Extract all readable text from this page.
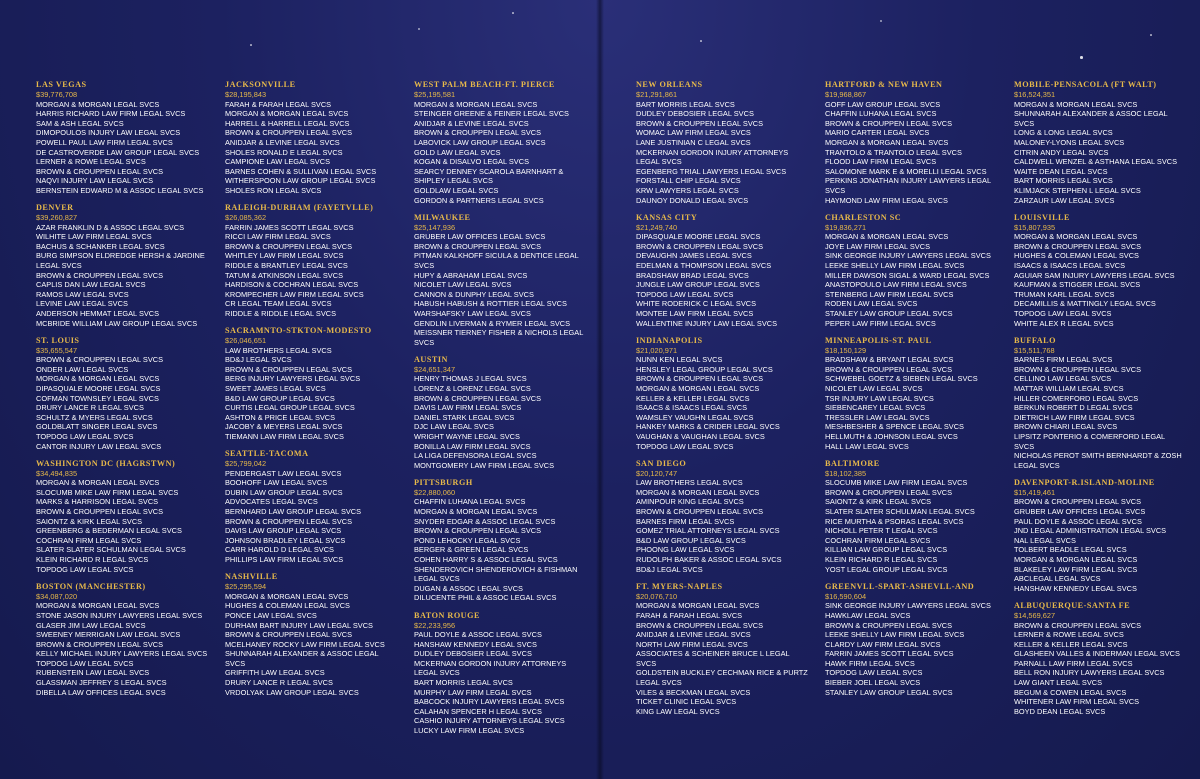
LAS VEGAS
$39,776,708
MORGAN & MORGAN LEGAL SVCS
HARRIS RICHARD LAW FIRM LEGAL SVCS
SAM & ASH LEGAL SVCS
DIMOPOULOS INJURY LAW LEGAL SVCS
POWELL PAUL LAW FIRM LEGAL SVCS
DE CASTROVERDE LAW GROUP LEGAL SVCS
LERNER & ROWE LEGAL SVCS
BROWN & CROUPPEN LEGAL SVCS
NAQVI INJURY LAW LEGAL SVCS
BERNSTEIN EDWARD M & ASSOC LEGAL SVCS
DENVER
$39,260,827
AZAR FRANKLIN D & ASSOC LEGAL SVCS
WILHITE LAW FIRM LEGAL SVCS
BACHUS & SCHANKER LEGAL SVCS
BURG SIMPSON ELDREDGE HERSH & JARDINE
LEGAL SVCS
BROWN & CROUPPEN LEGAL SVCS
CAPLIS DAN LAW LEGAL SVCS
RAMOS LAW LEGAL SVCS
LEVINE LAW LEGAL SVCS
ANDERSON HEMMAT LEGAL SVCS
MCBRIDE WILLIAM LAW GROUP LEGAL SVCS
ST. LOUIS
$35,655,547
BROWN & CROUPPEN LEGAL SVCS
ONDER LAW LEGAL SVCS
MORGAN & MORGAN LEGAL SVCS
DIPASQUALE MOORE LEGAL SVCS
COFMAN TOWNSLEY LEGAL SVCS
DRURY LANCE R LEGAL SVCS
SCHULTZ & MYERS LEGAL SVCS
GOLDBLATT SINGER LEGAL SVCS
TOPDOG LAW LEGAL SVCS
CANTOR INJURY LAW LEGAL SVCS
WASHINGTON DC (HAGRSTWN)
$34,494,835
MORGAN & MORGAN LEGAL SVCS
SLOCUMB MIKE LAW FIRM LEGAL SVCS
MARKS & HARRISON LEGAL SVCS
BROWN & CROUPPEN LEGAL SVCS
SAIONTZ & KIRK LEGAL SVCS
GREENBERG & BEDERMAN LEGAL SVCS
COCHRAN FIRM LEGAL SVCS
SLATER SLATER SCHULMAN LEGAL SVCS
KLEIN RICHARD R LEGAL SVCS
TOPDOG LAW LEGAL SVCS
BOSTON (MANCHESTER)
$34,087,020
MORGAN & MORGAN LEGAL SVCS
STONE JASON INJURY LAWYERS LEGAL SVCS
GLASER JIM LAW LEGAL SVCS
SWEENEY MERRIGAN LAW LEGAL SVCS
BROWN & CROUPPEN LEGAL SVCS
KELLY MICHAEL INJURY LAWYERS LEGAL SVCS
TOPDOG LAW LEGAL SVCS
RUBENSTEIN LAW LEGAL SVCS
GLASSMAN JEFFREY S LEGAL SVCS
DIBELLA LAW OFFICES LEGAL SVCS
JACKSONVILLE
$28,195,843
FARAH & FARAH LEGAL SVCS
MORGAN & MORGAN LEGAL SVCS
HARRELL & HARRELL LEGAL SVCS
BROWN & CROUPPEN LEGAL SVCS
ANIDJAR & LEVINE LEGAL SVCS
SHOLES RONALD E LEGAL SVCS
CAMPIONE LAW LEGAL SVCS
BARNES COHEN & SULLIVAN LEGAL SVCS
WITHERSPOON LAW GROUP LEGAL SVCS
SHOLES RON LEGAL SVCS
RALEIGH-DURHAM (FAYETVLLE)
$26,085,362
FARRIN JAMES SCOTT LEGAL SVCS
RICCI LAW FIRM LEGAL SVCS
BROWN & CROUPPEN LEGAL SVCS
WHITLEY LAW FIRM LEGAL SVCS
RIDDLE & BRANTLEY LEGAL SVCS
TATUM & ATKINSON LEGAL SVCS
HARDISON & COCHRAN LEGAL SVCS
KROMPECHER LAW FIRM LEGAL SVCS
CR LEGAL TEAM LEGAL SVCS
RIDDLE & RIDDLE LEGAL SVCS
SACRAMNTO-STKTON-MODESTO
$26,046,651
LAW BROTHERS LEGAL SVCS
BD&J LEGAL SVCS
BROWN & CROUPPEN LEGAL SVCS
BERG INJURY LAWYERS LEGAL SVCS
SWEET JAMES LEGAL SVCS
B&D LAW GROUP LEGAL SVCS
CURTIS LEGAL GROUP LEGAL SVCS
ASHTON & PRICE LEGAL SVCS
JACOBY & MEYERS LEGAL SVCS
TIEMANN LAW FIRM LEGAL SVCS
SEATTLE-TACOMA
$25,799,042
PENDERGAST LAW LEGAL SVCS
BOOHOFF LAW LEGAL SVCS
DUBIN LAW GROUP LEGAL SVCS
ADVOCATES LEGAL SVCS
BERNHARD LAW GROUP LEGAL SVCS
BROWN & CROUPPEN LEGAL SVCS
DAVIS LAW GROUP LEGAL SVCS
JOHNSON BRADLEY LEGAL SVCS
CARR HAROLD D LEGAL SVCS
PHILLIPS LAW FIRM LEGAL SVCS
NASHVILLE
$25,295,594
MORGAN & MORGAN LEGAL SVCS
HUGHES & COLEMAN LEGAL SVCS
PONCE LAW LEGAL SVCS
DURHAM BART INJURY LAW LEGAL SVCS
BROWN & CROUPPEN LEGAL SVCS
MCELHANEY ROCKY LAW FIRM LEGAL SVCS
SHUNNARAH ALEXANDER & ASSOC LEGAL
SVCS
GRIFFITH LAW LEGAL SVCS
DRURY LANCE R LEGAL SVCS
VRDOLYAK LAW GROUP LEGAL SVCS
WEST PALM BEACH-FT. PIERCE
$25,195,581
MORGAN & MORGAN LEGAL SVCS
STEINGER GREENE & FEINER LEGAL SVCS
ANIDJAR & LEVINE LEGAL SVCS
BROWN & CROUPPEN LEGAL SVCS
LABOVICK LAW GROUP LEGAL SVCS
GOLD LAW LEGAL SVCS
KOGAN & DISALVO LEGAL SVCS
SEARCY DENNEY SCAROLA BARNHART &
SHIPLEY LEGAL SVCS
GOLDLAW LEGAL SVCS
GORDON & PARTNERS LEGAL SVCS
MILWAUKEE
$25,147,936
GRUBER LAW OFFICES LEGAL SVCS
BROWN & CROUPPEN LEGAL SVCS
PITMAN KALKHOFF SICULA & DENTICE LEGAL
SVCS
HUPY & ABRAHAM LEGAL SVCS
NICOLET LAW LEGAL SVCS
CANNON & DUNPHY LEGAL SVCS
HABUSH HABUSH & ROTTIER LEGAL SVCS
WARSHAFSKY LAW LEGAL SVCS
GENDLIN LIVERMAN & RYMER LEGAL SVCS
MEISSNER TIERNEY FISHER & NICHOLS LEGAL
SVCS
AUSTIN
$24,651,347
HENRY THOMAS J LEGAL SVCS
LORENZ & LORENZ LEGAL SVCS
BROWN & CROUPPEN LEGAL SVCS
DAVIS LAW FIRM LEGAL SVCS
DANIEL STARK LEGAL SVCS
DJC LAW LEGAL SVCS
WRIGHT WAYNE LEGAL SVCS
BONILLA LAW FIRM LEGAL SVCS
LA LIGA DEFENSORA LEGAL SVCS
MONTGOMERY LAW FIRM LEGAL SVCS
PITTSBURGH
$22,880,060
CHAFFIN LUHANA LEGAL SVCS
MORGAN & MORGAN LEGAL SVCS
SNYDER EDGAR & ASSOC LEGAL SVCS
BROWN & CROUPPEN LEGAL SVCS
POND LEHOCKY LEGAL SVCS
BERGER & GREEN LEGAL SVCS
COHEN HARRY S & ASSOC LEGAL SVCS
SHENDEROVICH SHENDEROVICH & FISHMAN
LEGAL SVCS
DUGAN & ASSOC LEGAL SVCS
DILUCENTE PHIL & ASSOC LEGAL SVCS
BATON ROUGE
$22,233,956
PAUL DOYLE & ASSOC LEGAL SVCS
HANSHAW KENNEDY LEGAL SVCS
DUDLEY DEBOSIER LEGAL SVCS
MCKERNAN GORDON INJURY ATTORNEYS
LEGAL SVCS
BART MORRIS LEGAL SVCS
MURPHY LAW FIRM LEGAL SVCS
BABCOCK INJURY LAWYERS LEGAL SVCS
CALAHAN SPENCER H LEGAL SVCS
CASHIO INJURY ATTORNEYS LEGAL SVCS
LUCKY LAW FIRM LEGAL SVCS
NEW ORLEANS
$21,291,861
BART MORRIS LEGAL SVCS
DUDLEY DEBOSIER LEGAL SVCS
BROWN & CROUPPEN LEGAL SVCS
WOMAC LAW FIRM LEGAL SVCS
LANE JUSTINIAN C LEGAL SVCS
MCKERNAN GORDON INJURY ATTORNEYS
LEGAL SVCS
EGENBERG TRIAL LAWYERS LEGAL SVCS
FORSTALL CHIP LEGAL SVCS
KRW LAWYERS LEGAL SVCS
DAUNOY DONALD LEGAL SVCS
KANSAS CITY
$21,249,740
DIPASQUALE MOORE LEGAL SVCS
BROWN & CROUPPEN LEGAL SVCS
DEVAUGHN JAMES LEGAL SVCS
EDELMAN & THOMPSON LEGAL SVCS
BRADSHAW BRAD LEGAL SVCS
JUNGLE LAW GROUP LEGAL SVCS
TOPDOG LAW LEGAL SVCS
WHITE RODERICK C LEGAL SVCS
MONTEE LAW FIRM LEGAL SVCS
WALLENTINE INJURY LAW LEGAL SVCS
INDIANAPOLIS
$21,020,971
NUNN KEN LEGAL SVCS
HENSLEY LEGAL GROUP LEGAL SVCS
BROWN & CROUPPEN LEGAL SVCS
MORGAN & MORGAN LEGAL SVCS
KELLER & KELLER LEGAL SVCS
ISAACS & ISAACS LEGAL SVCS
WAMSLEY VAUGHN LEGAL SVCS
HANKEY MARKS & CRIDER LEGAL SVCS
VAUGHAN & VAUGHAN LEGAL SVCS
TOPDOG LAW LEGAL SVCS
SAN DIEGO
$20,120,747
LAW BROTHERS LEGAL SVCS
MORGAN & MORGAN LEGAL SVCS
AMINPOUR KING LEGAL SVCS
BROWN & CROUPPEN LEGAL SVCS
BARNES FIRM LEGAL SVCS
GOMEZ TRIAL ATTORNEYS LEGAL SVCS
B&D LAW GROUP LEGAL SVCS
PHOONG LAW LEGAL SVCS
RUDOLPH BAKER & ASSOC LEGAL SVCS
BD&J LEGAL SVCS
FT. MYERS-NAPLES
$20,076,710
MORGAN & MORGAN LEGAL SVCS
FARAH & FARAH LEGAL SVCS
BROWN & CROUPPEN LEGAL SVCS
ANIDJAR & LEVINE LEGAL SVCS
NORTH LAW FIRM LEGAL SVCS
ASSOCIATES & SCHEINER BRUCE L LEGAL
SVCS
GOLDSTEIN BUCKLEY CECHMAN RICE & PURTZ
LEGAL SVCS
VILES & BECKMAN LEGAL SVCS
TICKET CLINIC LEGAL SVCS
KING LAW LEGAL SVCS
HARTFORD & NEW HAVEN
$19,968,867
GOFF LAW GROUP LEGAL SVCS
CHAFFIN LUHANA LEGAL SVCS
BROWN & CROUPPEN LEGAL SVCS
MARIO CARTER LEGAL SVCS
MORGAN & MORGAN LEGAL SVCS
TRANTOLO & TRANTOLO LEGAL SVCS
FLOOD LAW FIRM LEGAL SVCS
SALOMONE MARK E & MORELLI LEGAL SVCS
PERKINS JONATHAN INJURY LAWYERS LEGAL
SVCS
HAYMOND LAW FIRM LEGAL SVCS
CHARLESTON SC
$19,836,271
MORGAN & MORGAN LEGAL SVCS
JOYE LAW FIRM LEGAL SVCS
SINK GEORGE INJURY LAWYERS LEGAL SVCS
LEEKE SHELLY LAW FIRM LEGAL SVCS
MILLER DAWSON SIGAL & WARD LEGAL SVCS
ANASTOPOULO LAW FIRM LEGAL SVCS
STEINBERG LAW FIRM LEGAL SVCS
RODEN LAW LEGAL SVCS
STANLEY LAW GROUP LEGAL SVCS
PEPER LAW FIRM LEGAL SVCS
MINNEAPOLIS-ST. PAUL
$18,150,129
BRADSHAW & BRYANT LEGAL SVCS
BROWN & CROUPPEN LEGAL SVCS
SCHWEBEL GOETZ & SIEBEN LEGAL SVCS
NICOLET LAW LEGAL SVCS
TSR INJURY LAW LEGAL SVCS
SIEBENCAREY LEGAL SVCS
TRESSLER LAW LEGAL SVCS
MESHBESHER & SPENCE LEGAL SVCS
HELLMUTH & JOHNSON LEGAL SVCS
HALL LAW LEGAL SVCS
BALTIMORE
$18,102,385
SLOCUMB MIKE LAW FIRM LEGAL SVCS
BROWN & CROUPPEN LEGAL SVCS
SAIONTZ & KIRK LEGAL SVCS
SLATER SLATER SCHULMAN LEGAL SVCS
RICE MURTHA & PSORAS LEGAL SVCS
NICHOLL PETER T LEGAL SVCS
COCHRAN FIRM LEGAL SVCS
KILLIAN LAW GROUP LEGAL SVCS
KLEIN RICHARD R LEGAL SVCS
YOST LEGAL GROUP LEGAL SVCS
GREENVLL-SPART-ASHEVLL-AND
$16,590,604
SINK GEORGE INJURY LAWYERS LEGAL SVCS
HAWKLAW LEGAL SVCS
BROWN & CROUPPEN LEGAL SVCS
LEEKE SHELLY LAW FIRM LEGAL SVCS
CLARDY LAW FIRM LEGAL SVCS
FARRIN JAMES SCOTT LEGAL SVCS
HAWK FIRM LEGAL SVCS
TOPDOG LAW LEGAL SVCS
BIEBER JOEL LEGAL SVCS
STANLEY LAW GROUP LEGAL SVCS
MOBILE-PENSACOLA (FT WALT)
$16,524,351
MORGAN & MORGAN LEGAL SVCS
SHUNNARAH ALEXANDER & ASSOC LEGAL
SVCS
LONG & LONG LEGAL SVCS
MALONEY-LYONS LEGAL SVCS
CITRIN ANDY LEGAL SVCS
CALDWELL WENZEL & ASTHANA LEGAL SVCS
WAITE DEAN LEGAL SVCS
BART MORRIS LEGAL SVCS
KLIMJACK STEPHEN L LEGAL SVCS
ZARZAUR LAW LEGAL SVCS
LOUISVILLE
$15,807,935
MORGAN & MORGAN LEGAL SVCS
BROWN & CROUPPEN LEGAL SVCS
HUGHES & COLEMAN LEGAL SVCS
ISAACS & ISAACS LEGAL SVCS
AGUIAR SAM INJURY LAWYERS LEGAL SVCS
KAUFMAN & STIGGER LEGAL SVCS
TRUMAN KARL LEGAL SVCS
DECAMILLIS & MATTINGLY LEGAL SVCS
TOPDOG LAW LEGAL SVCS
WHITE ALEX R LEGAL SVCS
BUFFALO
$15,511,768
BARNES FIRM LEGAL SVCS
BROWN & CROUPPEN LEGAL SVCS
CELLINO LAW LEGAL SVCS
MATTAR WILLIAM LEGAL SVCS
HILLER COMERFORD LEGAL SVCS
BERKUN ROBERT D LEGAL SVCS
DIETRICH LAW FIRM LEGAL SVCS
BROWN CHIARI LEGAL SVCS
LIPSITZ PONTERIO & COMERFORD LEGAL
SVCS
NICHOLAS PEROT SMITH BERNHARDT & ZOSH
LEGAL SVCS
DAVENPORT-R.ISLAND-MOLINE
$15,419,461
BROWN & CROUPPEN LEGAL SVCS
GRUBER LAW OFFICES LEGAL SVCS
PAUL DOYLE & ASSOC LEGAL SVCS
JND LEGAL ADMINISTRATION LEGAL SVCS
NAL LEGAL SVCS
TOLBERT BEADLE LEGAL SVCS
MORGAN & MORGAN LEGAL SVCS
BLAKELEY LAW FIRM LEGAL SVCS
ABCLEGAL LEGAL SVCS
HANSHAW KENNEDY LEGAL SVCS
ALBUQUERQUE-SANTA FE
$14,569,627
BROWN & CROUPPEN LEGAL SVCS
LERNER & ROWE LEGAL SVCS
KELLER & KELLER LEGAL SVCS
GLASHEEN VALLES & INDERMAN LEGAL SVCS
PARNALL LAW FIRM LEGAL SVCS
BELL RON INJURY LAWYERS LEGAL SVCS
LAW GIANT LEGAL SVCS
BEGUM & COWEN LEGAL SVCS
WHITENER LAW FIRM LEGAL SVCS
BOYD DEAN LEGAL SVCS
